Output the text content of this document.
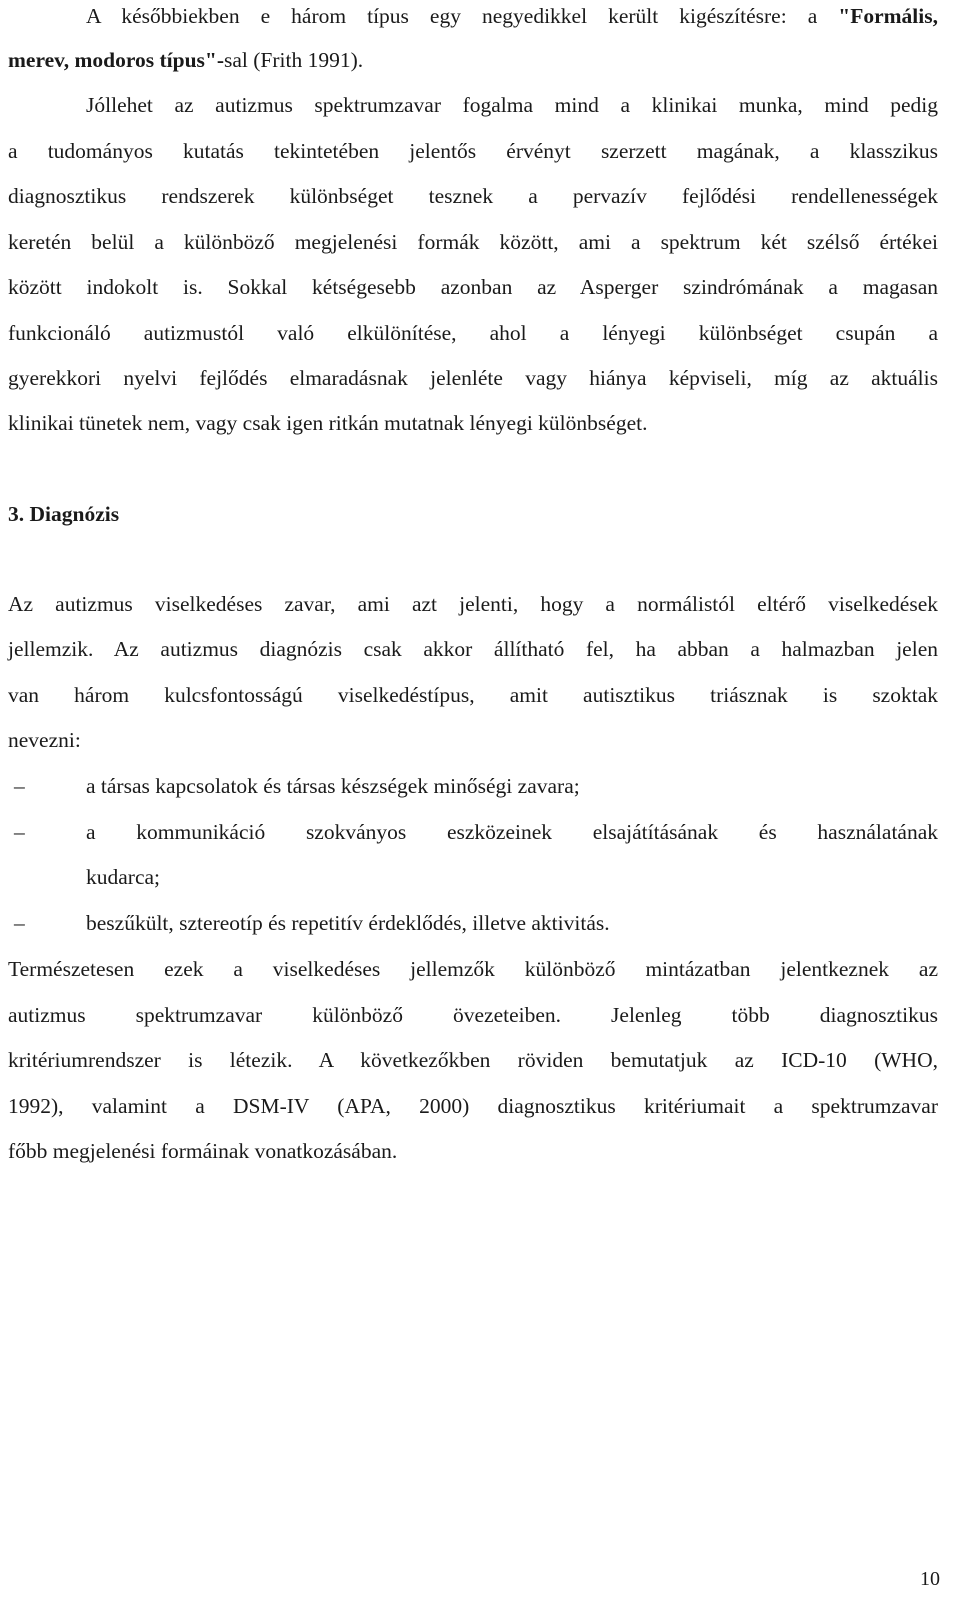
A későbbiekben e három típus egy negyedikkel került kigészítésre: a "Formális,
merev, modoros típus"-sal (Frith 1991).
Jóllehet az autizmus spektrumzavar fogalma mind a klinikai munka, mind pedig
a tudományos kutatás tekintetében jelentős érvényt szerzett magának, a klasszikus
diagnosztikus rendszerek különbséget tesznek a pervazív fejlődési rendellenességek
keretén belül a különböző megjelenési formák között, ami a spektrum két szélső értékei
között indokolt is. Sokkal kétségesebb azonban az Asperger szindrómának a magasan
funkcionáló autizmustól való elkülönítése, ahol a lényegi különbséget csupán a
gyerekkori nyelvi fejlődés elmaradásnak jelenléte vagy hiánya képviseli, míg az aktuális
klinikai tünetek nem, vagy csak igen ritkán mutatnak lényegi különbséget.
3. Diagnózis
Az autizmus viselkedéses zavar, ami azt jelenti, hogy a normálistól eltérő viselkedések
jellemzik. Az autizmus diagnózis csak akkor állítható fel, ha abban a halmazban jelen
van három kulcsfontosságú viselkedéstípus, amit autisztikus triásznak is szoktak
nevezni:
–	a társas kapcsolatok és társas készségek minőségi zavara;
–	a kommunikáció szokványos eszközeinek elsajátításának és használatának
kudarca;
–	beszűkült, sztereotíp és repetitív érdeklődés, illetve aktivitás.
Természetesen ezek a viselkedéses jellemzők különböző mintázatban jelentkeznek az
autizmus spektrumzavar különböző övezeteiben. Jelenleg több diagnosztikus
kritériumrendszer is létezik. A következőkben röviden bemutatjuk az ICD-10 (WHO,
1992), valamint a DSM-IV (APA, 2000) diagnosztikus kritériumait a spektrumzavar
főbb megjelenési formáinak vonatkozásában.
10
